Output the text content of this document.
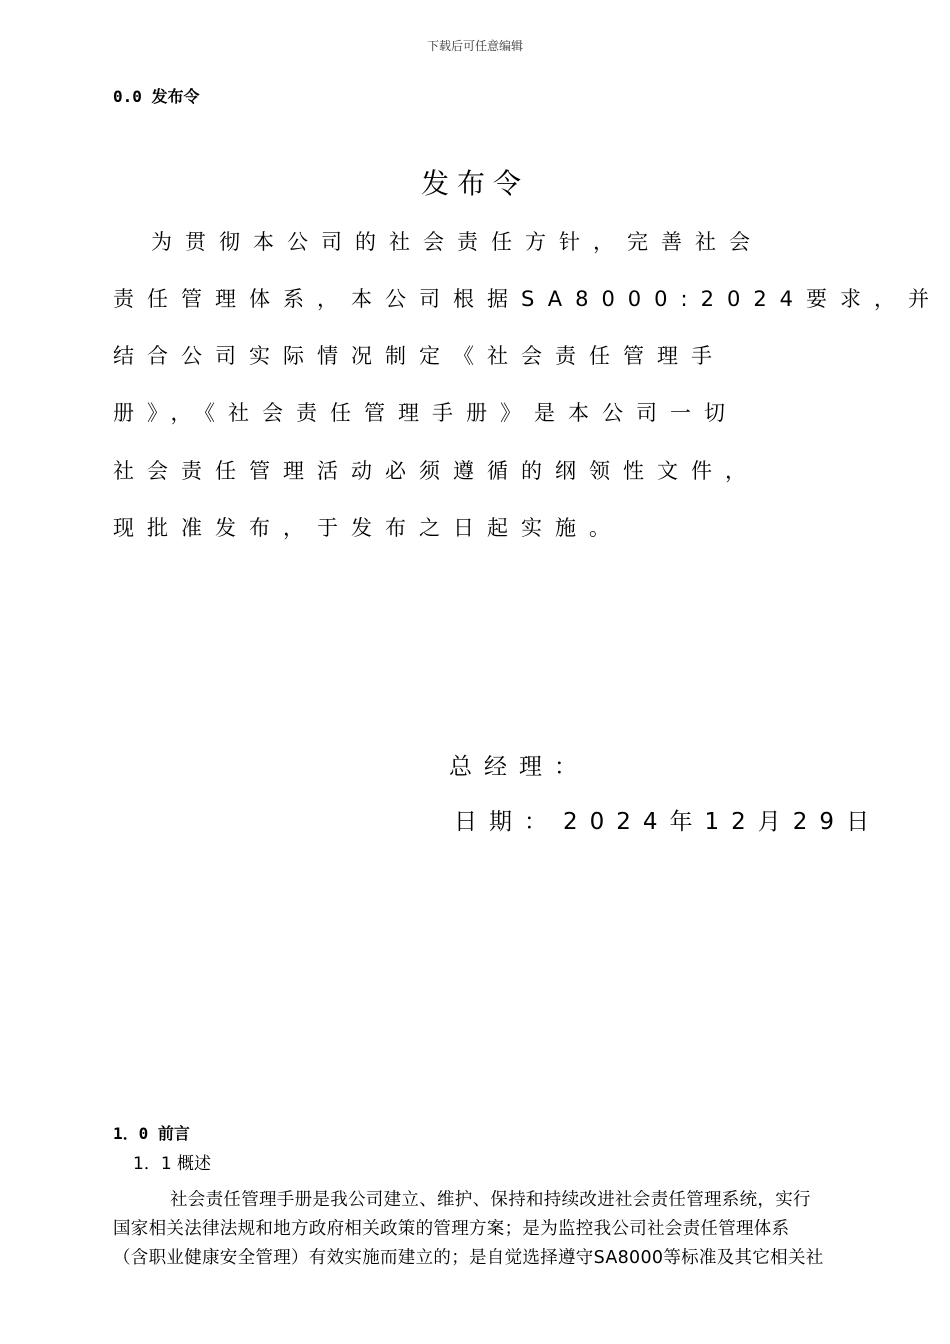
下载后可任意编辑
0.0 发布令
发布令
为贯彻本公司的社会责任方针，完善社会
责任管理体系，本公司根据SA8000:2024要求，并
结合公司实际情况制定《社会责任管理手
册》，《社会责任管理手册》是本公司一切
社会责任管理活动必须遵循的纲领性文件，
现批准发布，于发布之日起实施。
总经理：
日期： 2024年12月29日
1．0 前言
1．1 概述
社会责任管理手册是我公司建立、维护、保持和持续改进社会责任管理系统，实行
国家相关法律法规和地方政府相关政策的管理方案；是为监控我公司社会责任管理体系
（含职业健康安全管理）有效实施而建立的；是自觉选择遵守SA8000等标准及其它相关社
